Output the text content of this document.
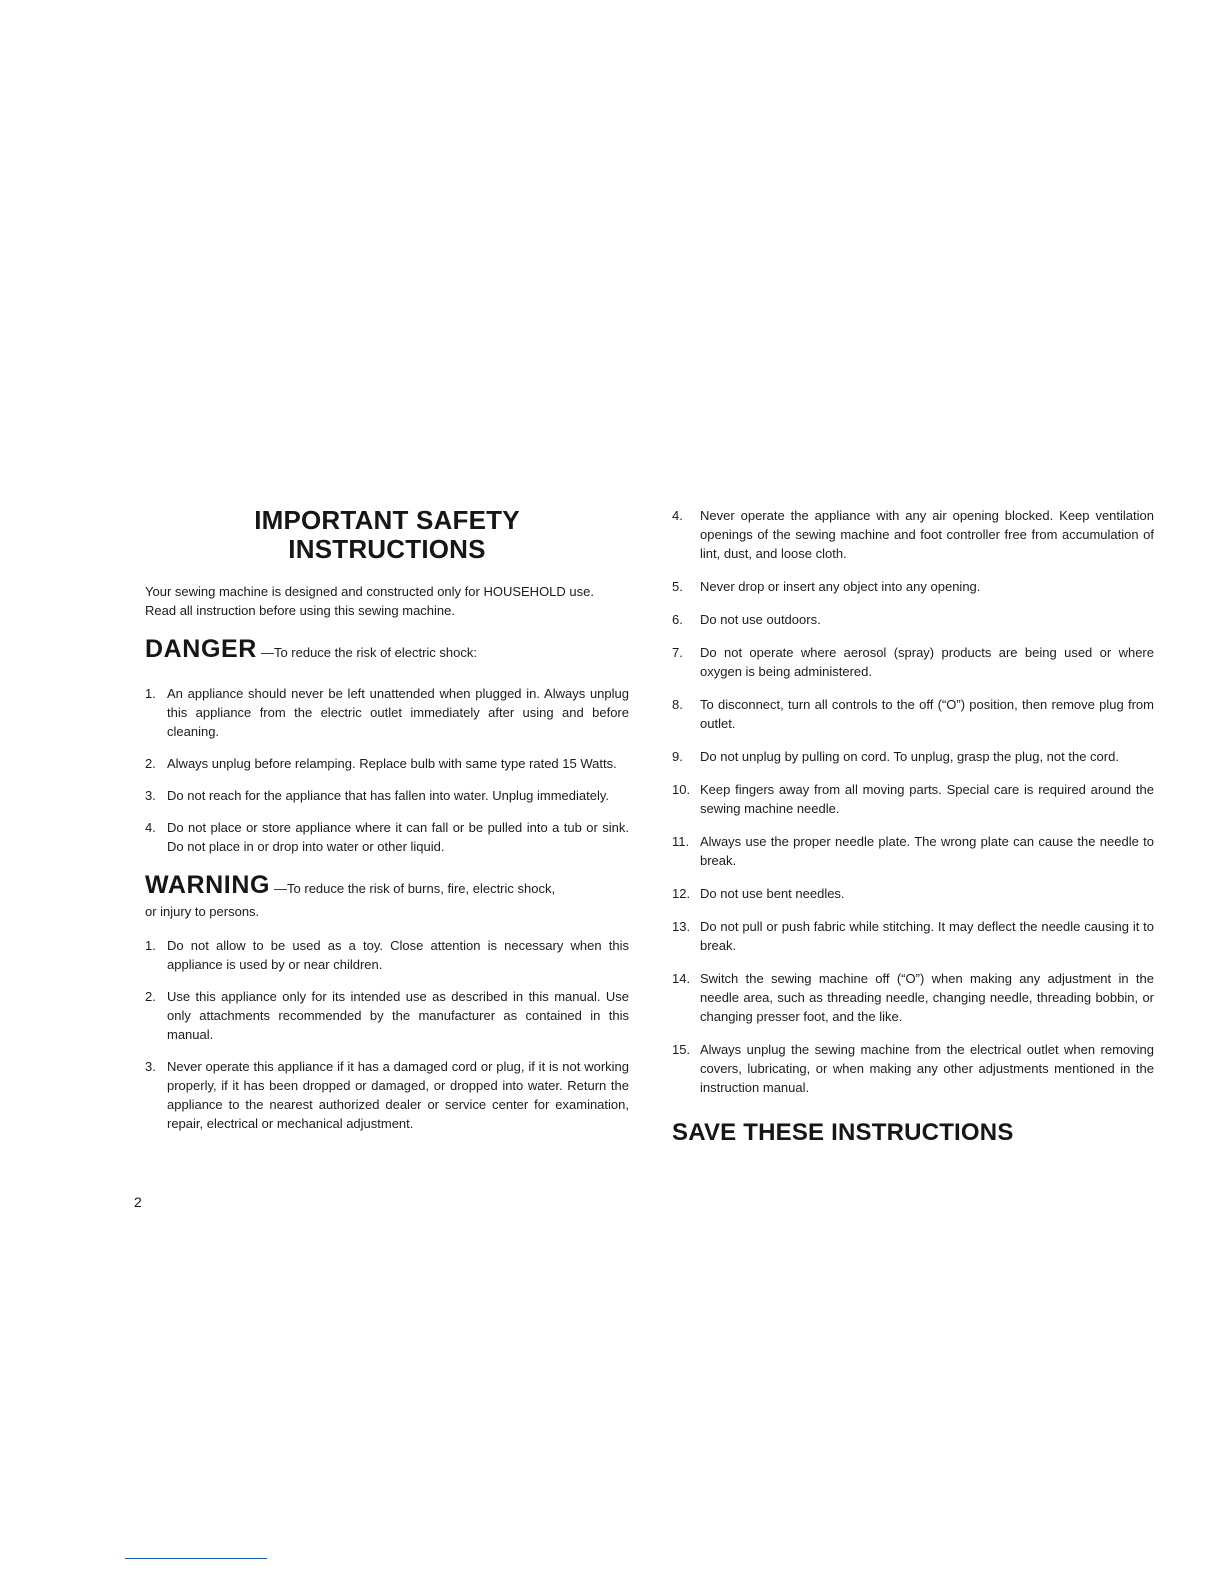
IMPORTANT SAFETY
INSTRUCTIONS

Your sewing machine is designed and constructed only for HOUSEHOLD use.
Read all instruction before using this sewing machine.

DANGER —To reduce the risk of electric shock:
1. An appliance should never be left unattended when plugged in. Always unplug this appliance from the electric outlet immediately after using and before cleaning.
2. Always unplug before relamping. Replace bulb with same type rated 15 Watts.
3. Do not reach for the appliance that has fallen into water. Unplug immediately.
4. Do not place or store appliance where it can fall or be pulled into a tub or sink. Do not place in or drop into water or other liquid.
WARNING —To reduce the risk of burns, fire, electric shock,

or injury to persons.

1. Do not allow to be used as a toy. Close attention is necessary when this appliance is used by or near children.
2. Use this appliance only for its intended use as described in this manual. Use only attachments recommended by the manufacturer as contained in this manual.
3. Never operate this appliance if it has a damaged cord or plug, if it is not working properly, if it has been dropped or damaged, or dropped into water. Return the appliance to the nearest authorized dealer or service center for examination, repair, electrical or mechanical adjustment.
4. Never operate the appliance with any air opening blocked. Keep ventilation openings of the sewing machine and foot controller free from accumulation of lint, dust, and loose cloth.
5. Never drop or insert any object into any opening.
6. Do not use outdoors.
7. Do not operate where aerosol (spray) products are being used or where oxygen is being administered.
8. To disconnect, turn all controls to the off (“O”) position, then remove plug from outlet.
9. Do not unplug by pulling on cord. To unplug, grasp the plug, not the cord.
10. Keep fingers away from all moving parts. Special care is required around the sewing machine needle.
11. Always use the proper needle plate. The wrong plate can cause the needle to break.
12. Do not use bent needles.
13. Do not pull or push fabric while stitching. It may deflect the needle causing it to break.
14. Switch the sewing machine off (“O”) when making any adjustment in the needle area, such as threading needle, changing needle, threading bobbin, or changing presser foot, and the like.
15. Always unplug the sewing machine from the electrical outlet when removing covers, lubricating, or when making any other adjustments mentioned in the instruction manual.
SAVE THESE INSTRUCTIONS
2
